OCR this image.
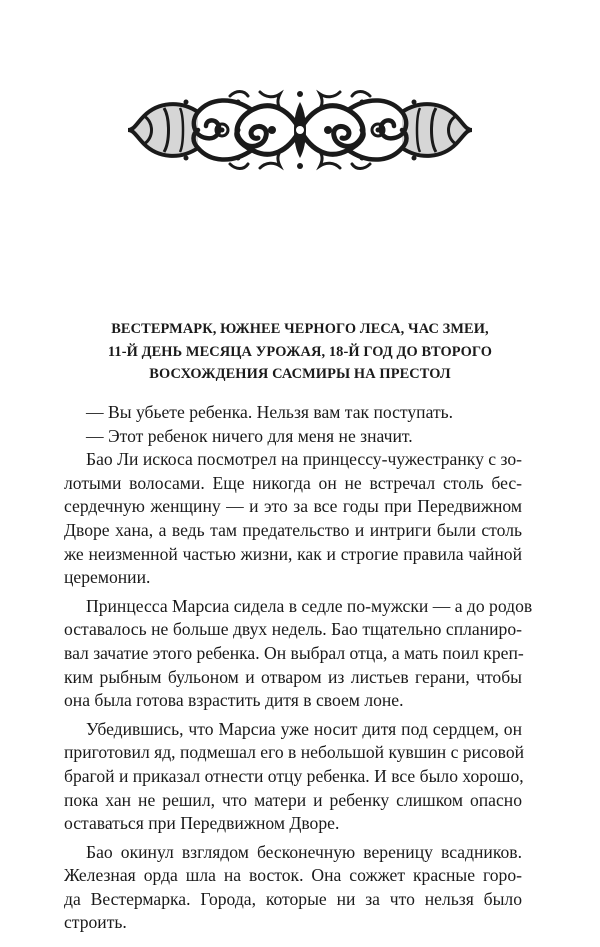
ВЕСТЕРМАРК, ЮЖНЕЕ ЧЕРНОГО ЛЕСА, ЧАС ЗМЕИ,
11-Й ДЕНЬ МЕСЯЦА УРОЖАЯ, 18-Й ГОД ДО ВТОРОГО
ВОСХОЖДЕНИЯ САСМИРЫ НА ПРЕСТОЛ
— Вы убьете ребенка. Нельзя вам так поступать.
— Этот ребенок ничего для меня не значит.
Бао Ли искоса посмотрел на принцессу-чужестранку с зо-
лотыми волосами. Еще никогда он не встречал столь бес-
сердечную женщину — и это за все годы при Передвижном
Дворе хана, а ведь там предательство и интриги были столь
же неизменной частью жизни, как и строгие правила чайной
церемонии.
Принцесса Марсиа сидела в седле по-мужски — а до родов
оставалось не больше двух недель. Бао тщательно спланиро-
вал зачатие этого ребенка. Он выбрал отца, а мать поил креп-
ким рыбным бульоном и отваром из листьев герани, чтобы
она была готова взрастить дитя в своем лоне.
Убедившись, что Марсиа уже носит дитя под сердцем, он
приготовил яд, подмешал его в небольшой кувшин с рисовой
брагой и приказал отнести отцу ребенка. И все было хорошо,
пока хан не решил, что матери и ребенку слишком опасно
оставаться при Передвижном Дворе.
Бао окинул взглядом бесконечную вереницу всадников.
Железная орда шла на восток. Она сожжет красные горо-
да Вестермарка. Города, которые ни за что нельзя было
строить.
